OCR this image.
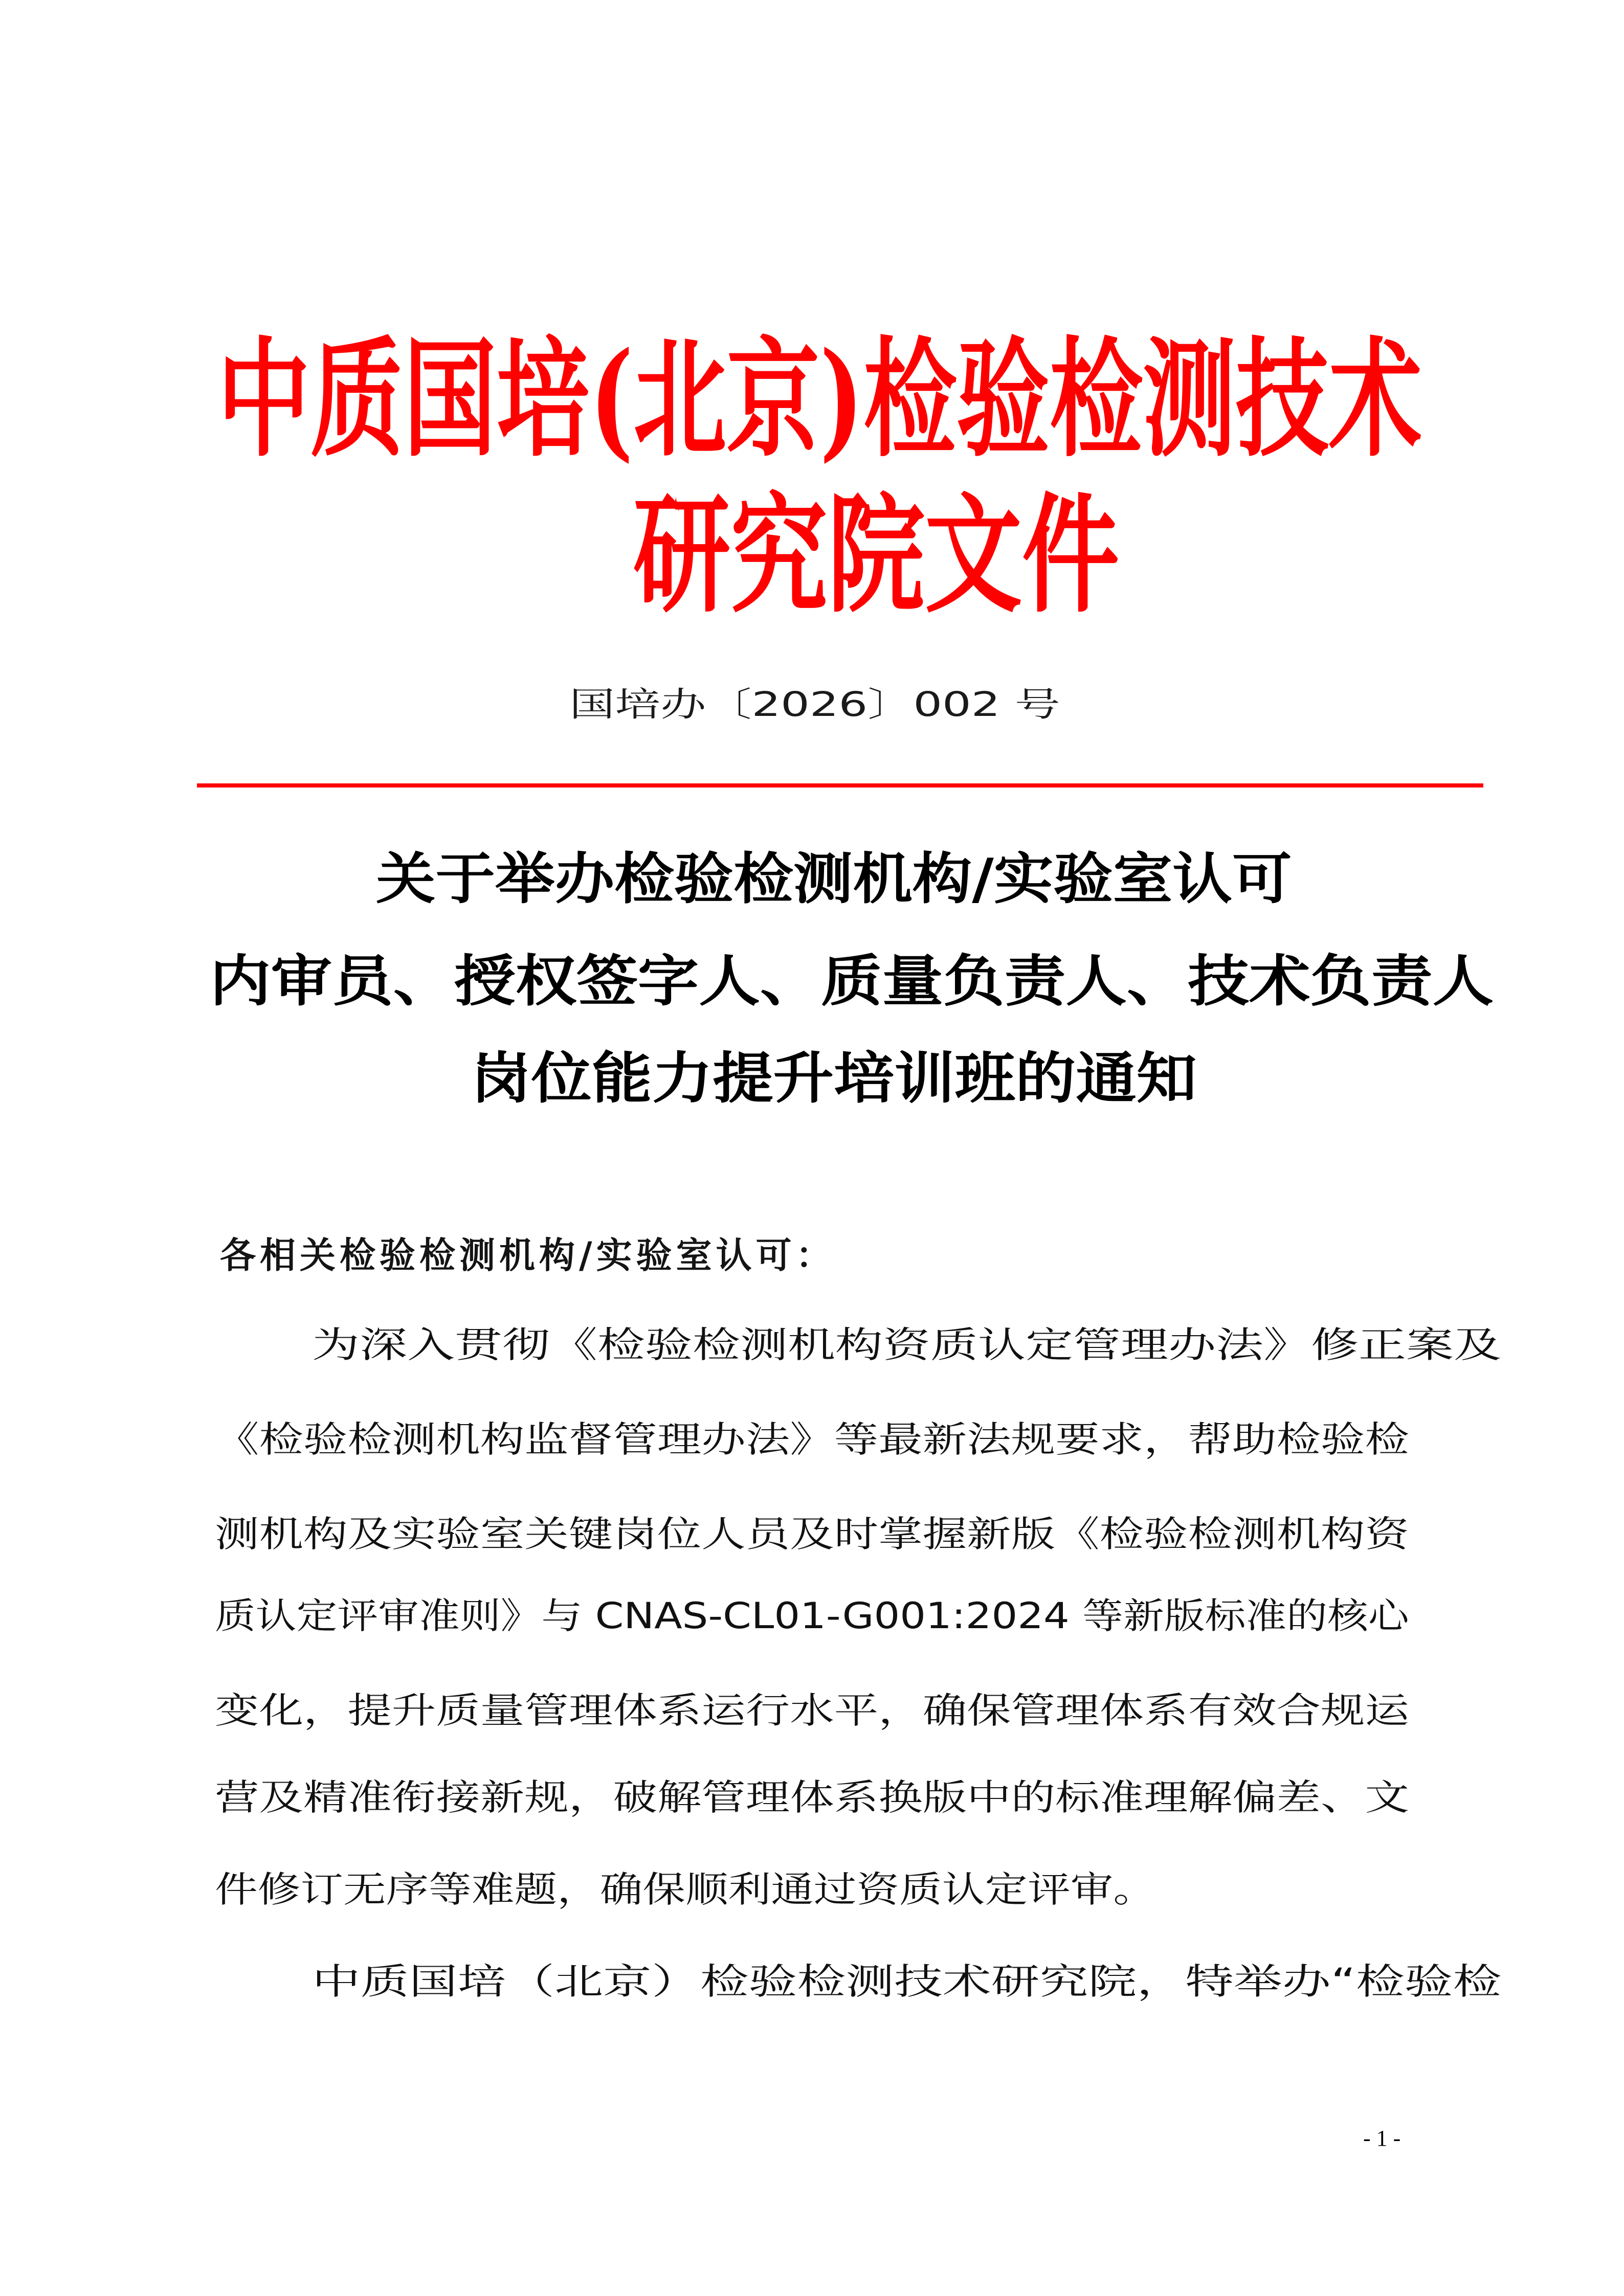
中质国培(北京)检验检测技术
研究院文件
国培办〔2026〕002 号
关于举办检验检测机构/实验室认可
内审员、授权签字人、质量负责人、技术负责人
岗位能力提升培训班的通知
各相关检验检测机构/实验室认可：
为深入贯彻《检验检测机构资质认定管理办法》修正案及
《检验检测机构监督管理办法》等最新法规要求，帮助检验检
测机构及实验室关键岗位人员及时掌握新版《检验检测机构资
质认定评审准则》与 CNAS-CL01-G001:2024 等新版标准的核心
变化，提升质量管理体系运行水平，确保管理体系有效合规运
营及精准衔接新规，破解管理体系换版中的标准理解偏差、文
件修订无序等难题，确保顺利通过资质认定评审。
中质国培（北京）检验检测技术研究院，特举办“检验检
- 1 -
